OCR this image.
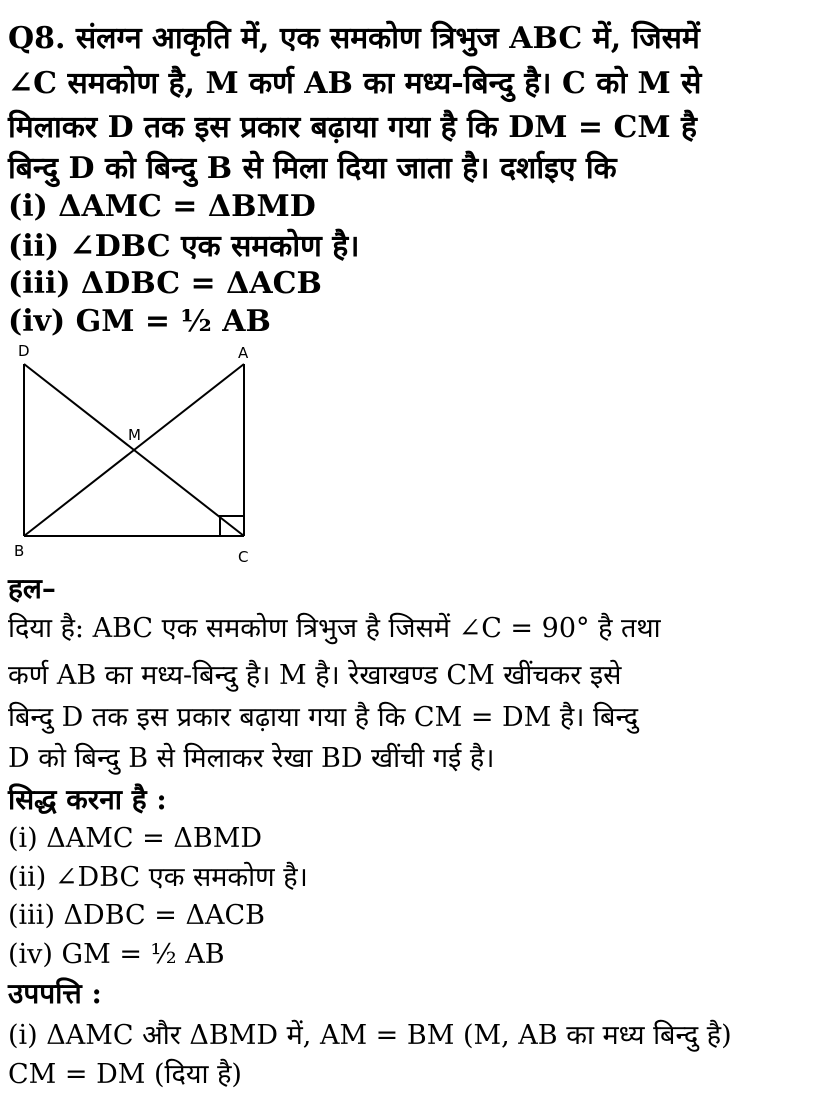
Q8. संलग्न आकृति में, एक समकोण त्रिभुज ABC में, जिसमें
∠C समकोण है, M कर्ण AB का मध्य-बिन्दु है। C को M से
मिलाकर D तक इस प्रकार बढ़ाया गया है कि DM = CM है
बिन्दु D को बिन्दु B से मिला दिया जाता है। दर्शाइए कि
(i) ΔAMC = ΔBMD
(ii) ∠DBC एक समकोण है।
(iii) ΔDBC = ΔACB
(iv) GM = ½ AB
D	A
M
B	C
हल–
दिया है: ABC एक समकोण त्रिभुज है जिसमें ∠C = 90° है तथा
कर्ण AB का मध्य-बिन्दु है। M है। रेखाखण्ड CM खींचकर इसे
बिन्दु D तक इस प्रकार बढ़ाया गया है कि CM = DM है। बिन्दु
D को बिन्दु B से मिलाकर रेखा BD खींची गई है।
सिद्ध करना है :
(i) ΔAMC = ΔBMD
(ii) ∠DBC एक समकोण है।
(iii) ΔDBC = ΔACB
(iv) GM = ½ AB
उपपत्ति :
(i) ΔAMC और ΔBMD में, AM = BM (M, AB का मध्य बिन्दु है)
CM = DM (दिया है)
